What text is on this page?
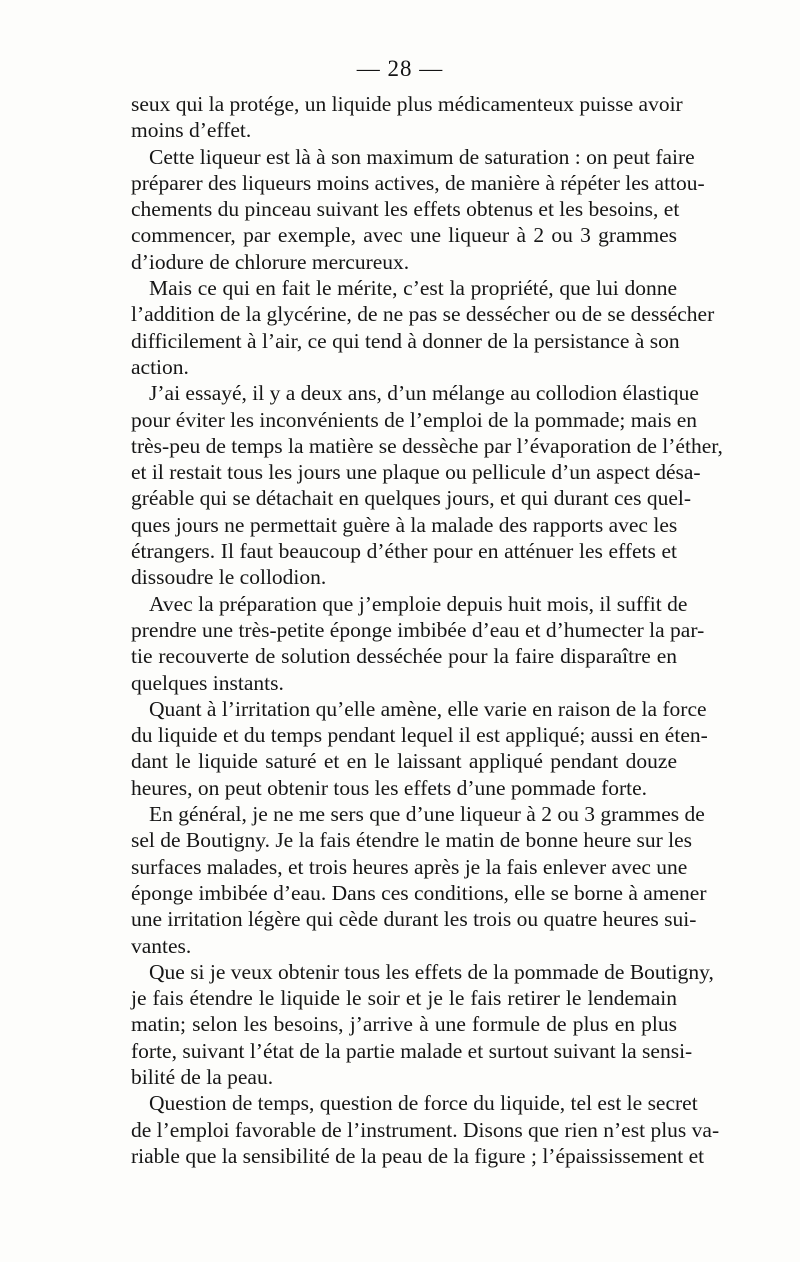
— 28 —
seux qui la protége, un liquide plus médicamenteux puisse avoir
moins d’effet.
Cette liqueur est là à son maximum de saturation : on peut faire
préparer des liqueurs moins actives, de manière à répéter les attou-
chements du pinceau suivant les effets obtenus et les besoins, et
commencer, par exemple, avec une liqueur à 2 ou 3 grammes
d’iodure de chlorure mercureux.
Mais ce qui en fait le mérite, c’est la propriété, que lui donne
l’addition de la glycérine, de ne pas se dessécher ou de se dessécher
difficilement à l’air, ce qui tend à donner de la persistance à son
action.
J’ai essayé, il y a deux ans, d’un mélange au collodion élastique
pour éviter les inconvénients de l’emploi de la pommade; mais en
très-peu de temps la matière se dessèche par l’évaporation de l’éther,
et il restait tous les jours une plaque ou pellicule d’un aspect désa-
gréable qui se détachait en quelques jours, et qui durant ces quel-
ques jours ne permettait guère à la malade des rapports avec les
étrangers. Il faut beaucoup d’éther pour en atténuer les effets et
dissoudre le collodion.
Avec la préparation que j’emploie depuis huit mois, il suffit de
prendre une très-petite éponge imbibée d’eau et d’humecter la par-
tie recouverte de solution desséchée pour la faire disparaître en
quelques instants.
Quant à l’irritation qu’elle amène, elle varie en raison de la force
du liquide et du temps pendant lequel il est appliqué; aussi en éten-
dant le liquide saturé et en le laissant appliqué pendant douze
heures, on peut obtenir tous les effets d’une pommade forte.
En général, je ne me sers que d’une liqueur à 2 ou 3 grammes de
sel de Boutigny. Je la fais étendre le matin de bonne heure sur les
surfaces malades, et trois heures après je la fais enlever avec une
éponge imbibée d’eau. Dans ces conditions, elle se borne à amener
une irritation légère qui cède durant les trois ou quatre heures sui-
vantes.
Que si je veux obtenir tous les effets de la pommade de Boutigny,
je fais étendre le liquide le soir et je le fais retirer le lendemain
matin; selon les besoins, j’arrive à une formule de plus en plus
forte, suivant l’état de la partie malade et surtout suivant la sensi-
bilité de la peau.
Question de temps, question de force du liquide, tel est le secret
de l’emploi favorable de l’instrument. Disons que rien n’est plus va-
riable que la sensibilité de la peau de la figure ; l’épaississement et
